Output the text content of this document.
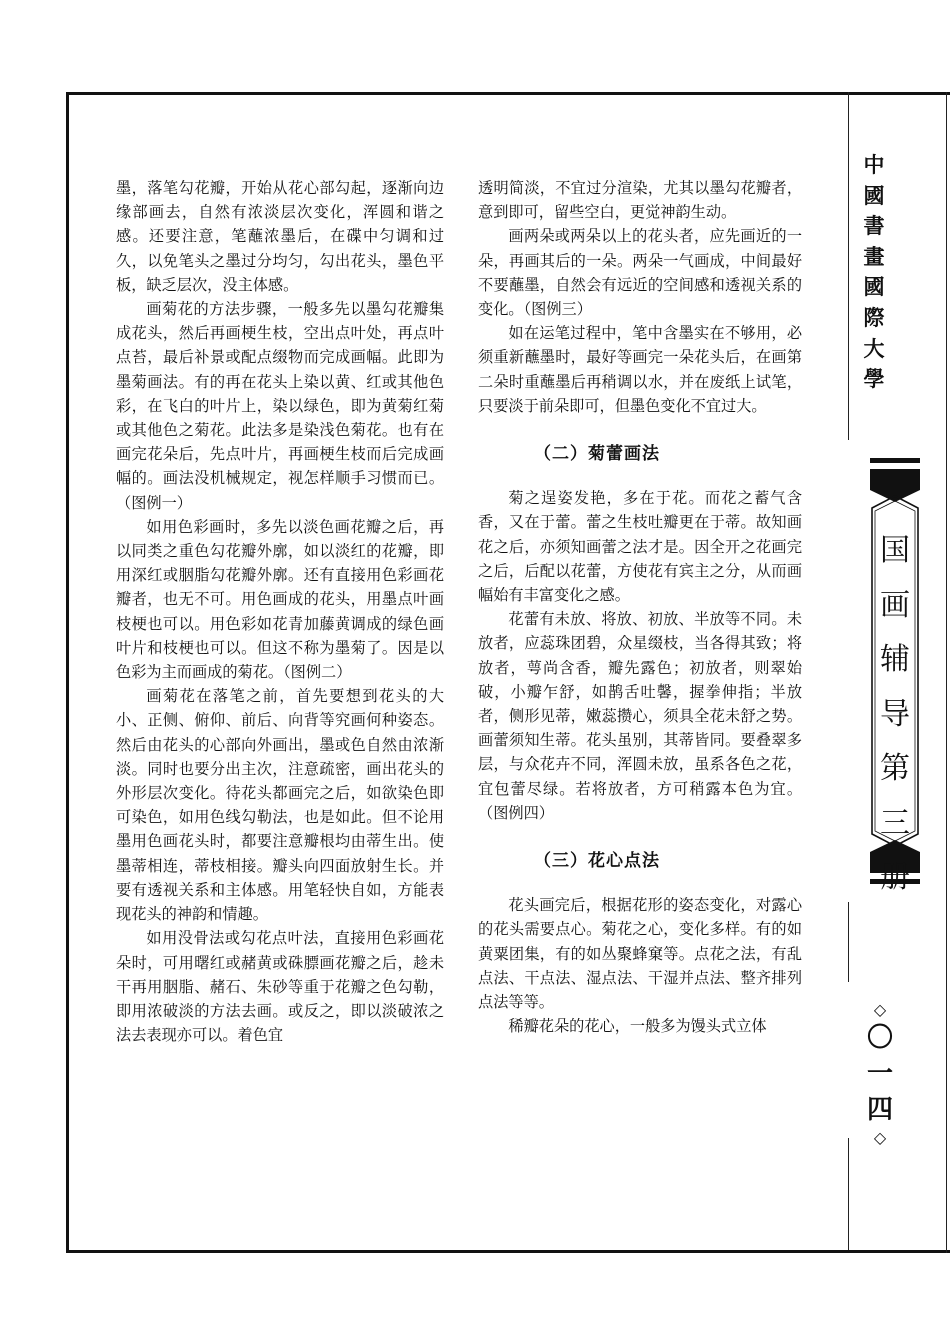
墨，落笔勾花瓣，开始从花心部勾起，逐渐向边缘部画去，自然有浓淡层次变化，浑圆和谐之感。还要注意，笔蘸浓墨后，在碟中匀调和过久，以免笔头之墨过分均匀，勾出花头，墨色平板，缺乏层次，没主体感。

画菊花的方法步骤，一般多先以墨勾花瓣集成花头，然后再画梗生枝，空出点叶处，再点叶点苔，最后补景或配点缀物而完成画幅。此即为墨菊画法。有的再在花头上染以黄、红或其他色彩，在飞白的叶片上，染以绿色，即为黄菊红菊或其他色之菊花。此法多是染浅色菊花。也有在画完花朵后，先点叶片，再画梗生枝而后完成画幅的。画法没机械规定，视怎样顺手习惯而已。（图例一）

如用色彩画时，多先以淡色画花瓣之后，再以同类之重色勾花瓣外廓，如以淡红的花瓣，即用深红或胭脂勾花瓣外廓。还有直接用色彩画花瓣者，也无不可。用色画成的花头，用墨点叶画枝梗也可以。用色彩如花青加藤黄调成的绿色画叶片和枝梗也可以。但这不称为墨菊了。因是以色彩为主而画成的菊花。（图例二）

画菊花在落笔之前，首先要想到花头的大小、正侧、俯仰、前后、向背等究画何种姿态。然后由花头的心部向外画出，墨或色自然由浓渐淡。同时也要分出主次，注意疏密，画出花头的外形层次变化。待花头都画完之后，如欲染色即可染色，如用色线勾勒法，也是如此。但不论用墨用色画花头时，都要注意瓣根均由蒂生出。使墨蒂相连，蒂枝相接。瓣头向四面放射生长。并要有透视关系和主体感。用笔轻快自如，方能表现花头的神韵和情趣。

如用没骨法或勾花点叶法，直接用色彩画花朵时，可用曙红或赭黄或硃膘画花瓣之后，趁未干再用胭脂、赭石、朱砂等重于花瓣之色勾勒，即用浓破淡的方法去画。或反之，即以淡破浓之法去表现亦可以。着色宜

透明简淡，不宜过分渲染，尤其以墨勾花瓣者，意到即可，留些空白，更觉神韵生动。

画两朵或两朵以上的花头者，应先画近的一朵，再画其后的一朵。两朵一气画成，中间最好不要蘸墨，自然会有远近的空间感和透视关系的变化。（图例三）

如在运笔过程中，笔中含墨实在不够用，必须重新蘸墨时，最好等画完一朵花头后，在画第二朵时重蘸墨后再稍调以水，并在废纸上试笔，只要淡于前朵即可，但墨色变化不宜过大。

（二）菊蕾画法

菊之逞姿发艳，多在于花。而花之蓄气含香，又在于蕾。蕾之生枝吐瓣更在于蒂。故知画花之后，亦须知画蕾之法才是。因全开之花画完之后，后配以花蕾，方使花有宾主之分，从而画幅始有丰富变化之感。

花蕾有未放、将放、初放、半放等不同。未放者，应蕊珠团碧，众星缀枝，当各得其致；将放者，萼尚含香，瓣先露色；初放者，则翠始破，小瓣乍舒，如鹊舌吐馨，握拳伸指；半放者，侧形见蒂，嫩蕊攒心，须具全花未舒之势。画蕾须知生蒂。花头虽别，其蒂皆同。要叠翠多层，与众花卉不同，浑圆未放，虽系各色之花，宜包蕾尽绿。若将放者，方可稍露本色为宜。（图例四）

（三）花心点法

花头画完后，根据花形的姿态变化，对露心的花头需要点心。菊花之心，变化多样。有的如黄粟团集，有的如丛聚蜂窠等。点花之法，有乱点法、干点法、湿点法、干湿并点法、整齐排列点法等等。

稀瓣花朵的花心，一般多为馒头式立体

中
國
書
畫
國
際
大
學
国
画
辅
导
第
三
册
◇
〇
一
四
◇
